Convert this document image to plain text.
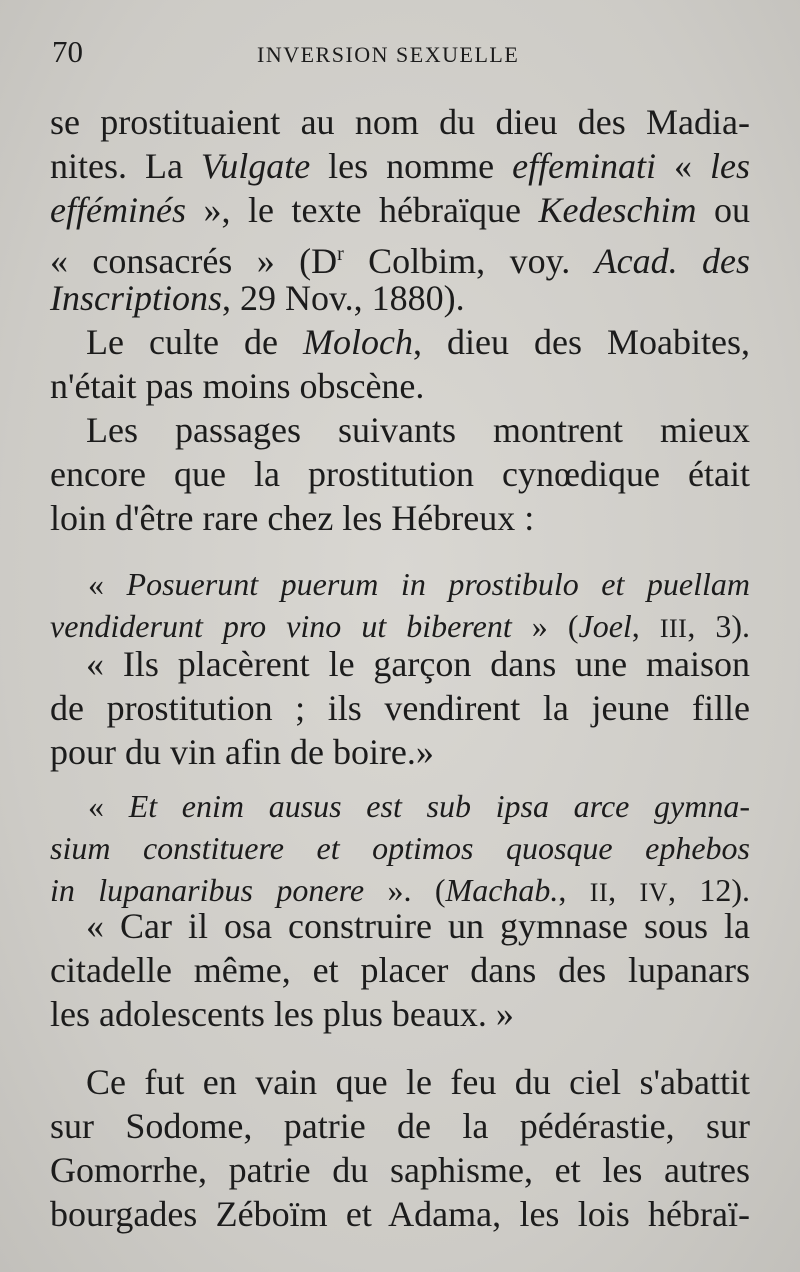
70	INVERSION SEXUELLE
se prostituaient au nom du dieu des Madia-
nites. La Vulgate les nomme effeminati « les
efféminés », le texte hébraïque Kedeschim ou
« consacrés » ($D^r$ Colbim, voy. Acad. des
Inscriptions, 29 Nov., 1880).
Le culte de Moloch, dieu des Moabites,
n'était pas moins obscène.
Les passages suivants montrent mieux
encore que la prostitution cynœdique était
loin d'être rare chez les Hébreux :
« Posuerunt puerum in prostibulo et puellam
vendiderunt pro vino ut biberent » (Joel, III, 3).
« Ils placèrent le garçon dans une maison
de prostitution ; ils vendirent la jeune fille
pour du vin afin de boire.»
« Et enim ausus est sub ipsa arce gymna-
sium constituere et optimos quosque ephebos
in lupanaribus ponere ». (Machab., II, IV, 12).
« Car il osa construire un gymnase sous la
citadelle même, et placer dans des lupanars
les adolescents les plus beaux. »
Ce fut en vain que le feu du ciel s'abattit
sur Sodome, patrie de la pédérastie, sur
Gomorrhe, patrie du saphisme, et les autres
bourgades Zéboïm et Adama, les lois hébraï-
